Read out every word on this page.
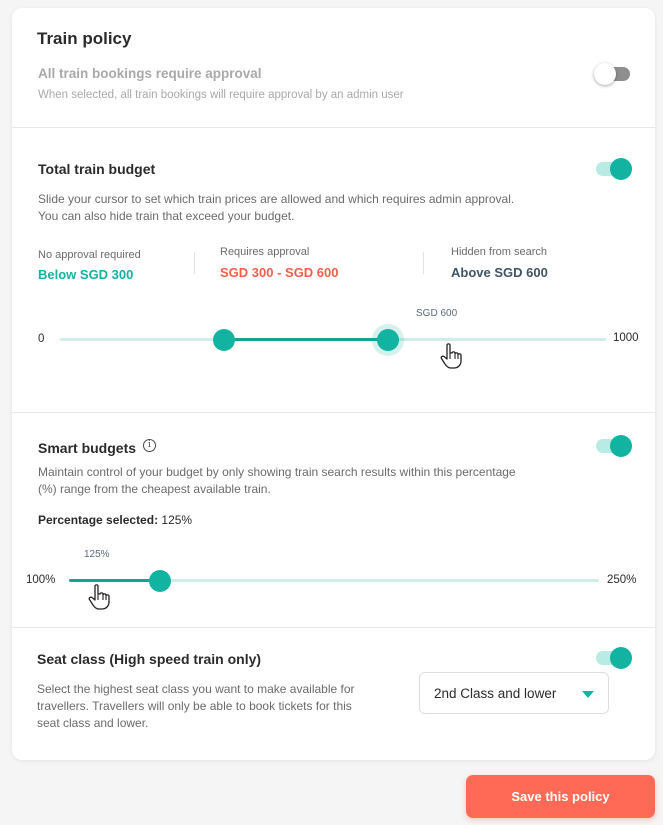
Train policy
All train bookings require approval
When selected, all train bookings will require approval by an admin user
Total train budget
Slide your cursor to set which train prices are allowed and which requires admin approval.
You can also hide train that exceed your budget.
No approval required
Below SGD 300
Requires approval
SGD 300 - SGD 600
Hidden from search
Above SGD 600
SGD 600
0	1000
Smart budgets	i
Maintain control of your budget by only showing train search results within this percentage
(%) range from the cheapest available train.
Percentage selected: 125%
125%
100%	250%
Seat class (High speed train only)
Select the highest seat class you want to make available for
travellers. Travellers will only be able to book tickets for this
seat class and lower.
2nd Class and lower
Save this policy
